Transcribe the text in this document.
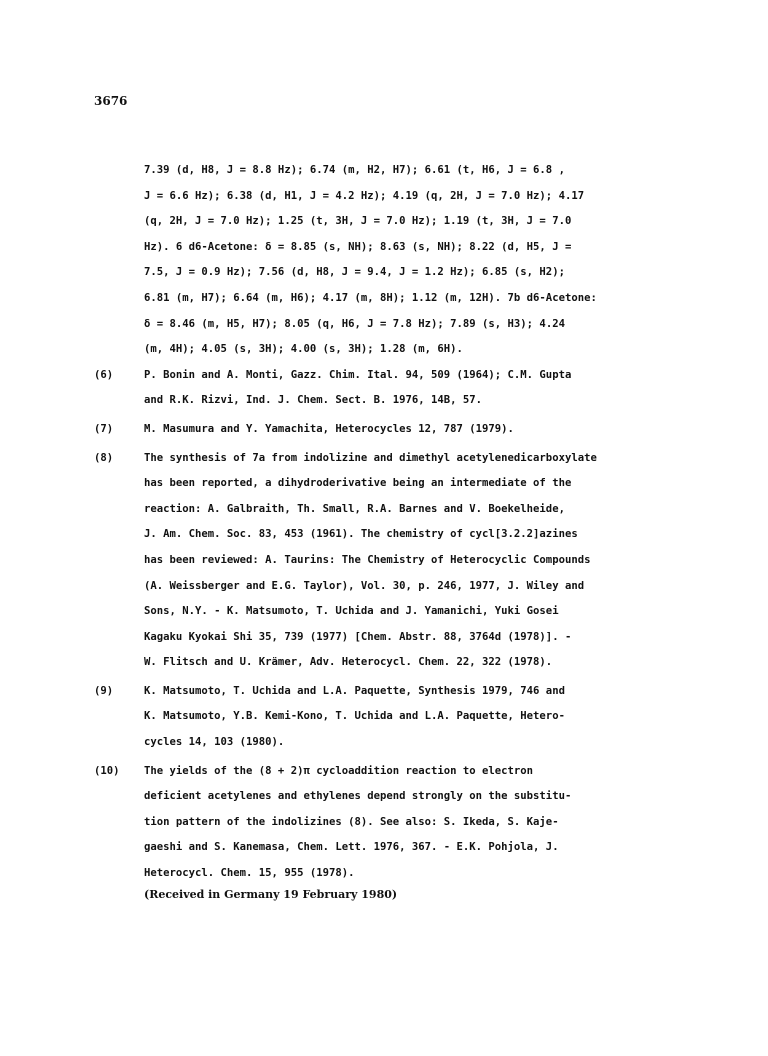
3676
7.39 (d, H8, J = 8.8 Hz); 6.74 (m, H2, H7); 6.61 (t, H6, J = 6.8 ,
J = 6.6 Hz); 6.38 (d, H1, J = 4.2 Hz); 4.19 (q, 2H, J = 7.0 Hz); 4.17
(q, 2H, J = 7.0 Hz); 1.25 (t, 3H, J = 7.0 Hz); 1.19 (t, 3H, J = 7.0
Hz). 6 d6-Acetone: δ = 8.85 (s, NH); 8.63 (s, NH); 8.22 (d, H5, J =
7.5, J = 0.9 Hz); 7.56 (d, H8, J = 9.4, J = 1.2 Hz); 6.85 (s, H2);
6.81 (m, H7); 6.64 (m, H6); 4.17 (m, 8H); 1.12 (m, 12H). 7b d6-Acetone:
δ = 8.46 (m, H5, H7); 8.05 (q, H6, J = 7.8 Hz); 7.89 (s, H3); 4.24
(m, 4H); 4.05 (s, 3H); 4.00 (s, 3H); 1.28 (m, 6H).
(6)	P. Bonin and A. Monti, Gazz. Chim. Ital. 94, 509 (1964); C.M. Gupta
and R.K. Rizvi, Ind. J. Chem. Sect. B. 1976, 14B, 57.
(7)	M. Masumura and Y. Yamachita, Heterocycles 12, 787 (1979).
(8)	The synthesis of 7a from indolizine and dimethyl acetylenedicarboxylate
has been reported, a dihydroderivative being an intermediate of the
reaction: A. Galbraith, Th. Small, R.A. Barnes and V. Boekelheide,
J. Am. Chem. Soc. 83, 453 (1961). The chemistry of cycl[3.2.2]azines
has been reviewed: A. Taurins: The Chemistry of Heterocyclic Compounds
(A. Weissberger and E.G. Taylor), Vol. 30, p. 246, 1977, J. Wiley and
Sons, N.Y. - K. Matsumoto, T. Uchida and J. Yamanichi, Yuki Gosei
Kagaku Kyokai Shi 35, 739 (1977) [Chem. Abstr. 88, 3764d (1978)]. -
W. Flitsch and U. Krämer, Adv. Heterocycl. Chem. 22, 322 (1978).
(9)	K. Matsumoto, T. Uchida and L.A. Paquette, Synthesis 1979, 746 and
K. Matsumoto, Y.B. Kemi-Kono, T. Uchida and L.A. Paquette, Hetero-
cycles 14, 103 (1980).
(10)	The yields of the (8 + 2)π cycloaddition reaction to electron
deficient acetylenes and ethylenes depend strongly on the substitu-
tion pattern of the indolizines (8). See also: S. Ikeda, S. Kaje-
gaeshi and S. Kanemasa, Chem. Lett. 1976, 367. - E.K. Pohjola, J.
Heterocycl. Chem. 15, 955 (1978).
(Received in Germany 19 February 1980)
